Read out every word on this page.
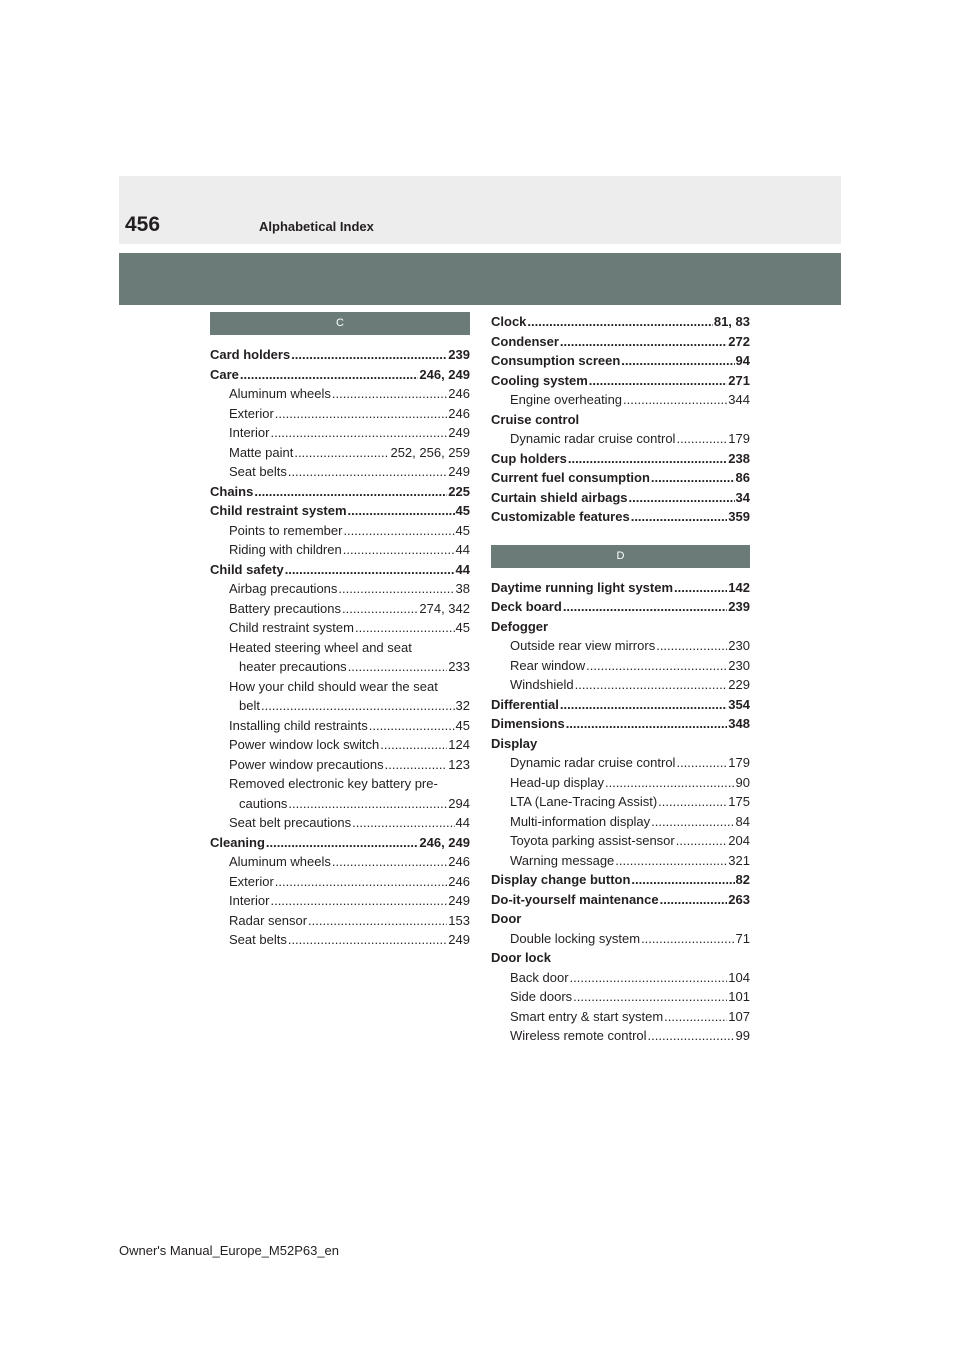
456	Alphabetical Index
C
Card holders .....	239
Care .....	246, 249
Aluminum wheels .....	246
Exterior .....	246
Interior .....	249
Matte paint .....	252, 256, 259
Seat belts .....	249
Chains .....	225
Child restraint system .....	45
Points to remember .....	45
Riding with children .....	44
Child safety .....	44
Airbag precautions .....	38
Battery precautions .....	274, 342
Child restraint system .....	45
Heated steering wheel and seat
heater precautions .....	233
How your child should wear the seat
belt .....	32
Installing child restraints .....	45
Power window lock switch .....	124
Power window precautions .....	123
Removed electronic key battery pre-
cautions .....	294
Seat belt precautions .....	44
Cleaning .....	246, 249
Aluminum wheels .....	246
Exterior .....	246
Interior .....	249
Radar sensor .....	153
Seat belts .....	249
Clock .....	81, 83
Condenser .....	272
Consumption screen .....	94
Cooling system .....	271
Engine overheating .....	344
Cruise control
Dynamic radar cruise control .....	179
Cup holders .....	238
Current fuel consumption .....	86
Curtain shield airbags .....	34
Customizable features .....	359
D
Daytime running light system .....	142
Deck board .....	239
Defogger
Outside rear view mirrors .....	230
Rear window .....	230
Windshield .....	229
Differential .....	354
Dimensions .....	348
Display
Dynamic radar cruise control .....	179
Head-up display .....	90
LTA (Lane-Tracing Assist) .....	175
Multi-information display .....	84
Toyota parking assist-sensor .....	204
Warning message .....	321
Display change button .....	82
Do-it-yourself maintenance .....	263
Door
Double locking system .....	71
Door lock
Back door .....	104
Side doors .....	101
Smart entry & start system .....	107
Wireless remote control .....	99
Owner's Manual_Europe_M52P63_en
